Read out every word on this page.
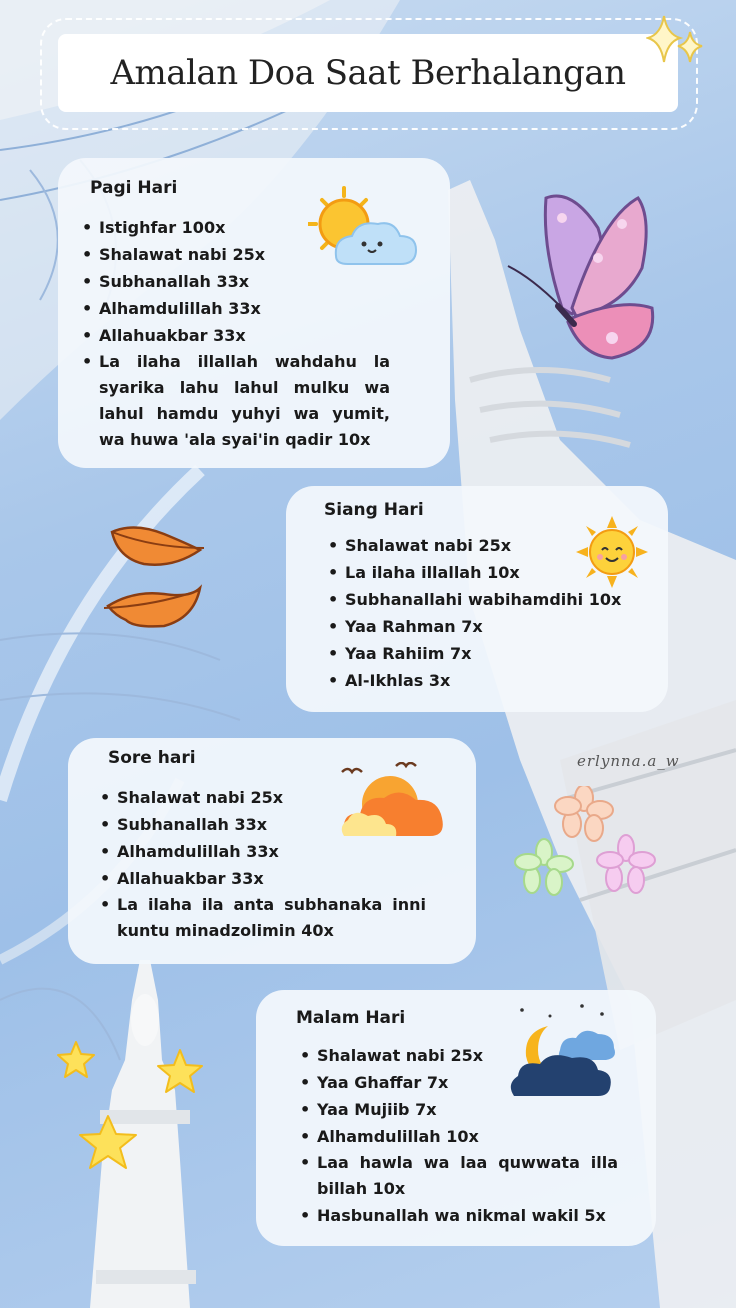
Amalan Doa Saat Berhalangan
Pagi Hari
• Istighfar 100x
• Shalawat nabi 25x
• Subhanallah 33x
• Alhamdulillah 33x
• Allahuakbar 33x
• La ilaha illallah wahdahu la syarika lahu lahul mulku wa lahul hamdu yuhyi wa yumit, wa huwa 'ala syai'in qadir 10x
Siang Hari
• Shalawat nabi 25x
• La ilaha illallah 10x
• Subhanallahi wabihamdihi 10x
• Yaa Rahman 7x
• Yaa Rahiim 7x
• Al-Ikhlas 3x
erlynna.a_w
Sore hari
• Shalawat nabi 25x
• Subhanallah 33x
• Alhamdulillah 33x
• Allahuakbar 33x
• La ilaha ila anta subhanaka inni kuntu minadzolimin 40x
Malam Hari
• Shalawat nabi 25x
• Yaa Ghaffar 7x
• Yaa Mujiib 7x
• Alhamdulillah 10x
• Laa hawla wa laa quwwata illa billah 10x
• Hasbunallah wa nikmal wakil 5x
